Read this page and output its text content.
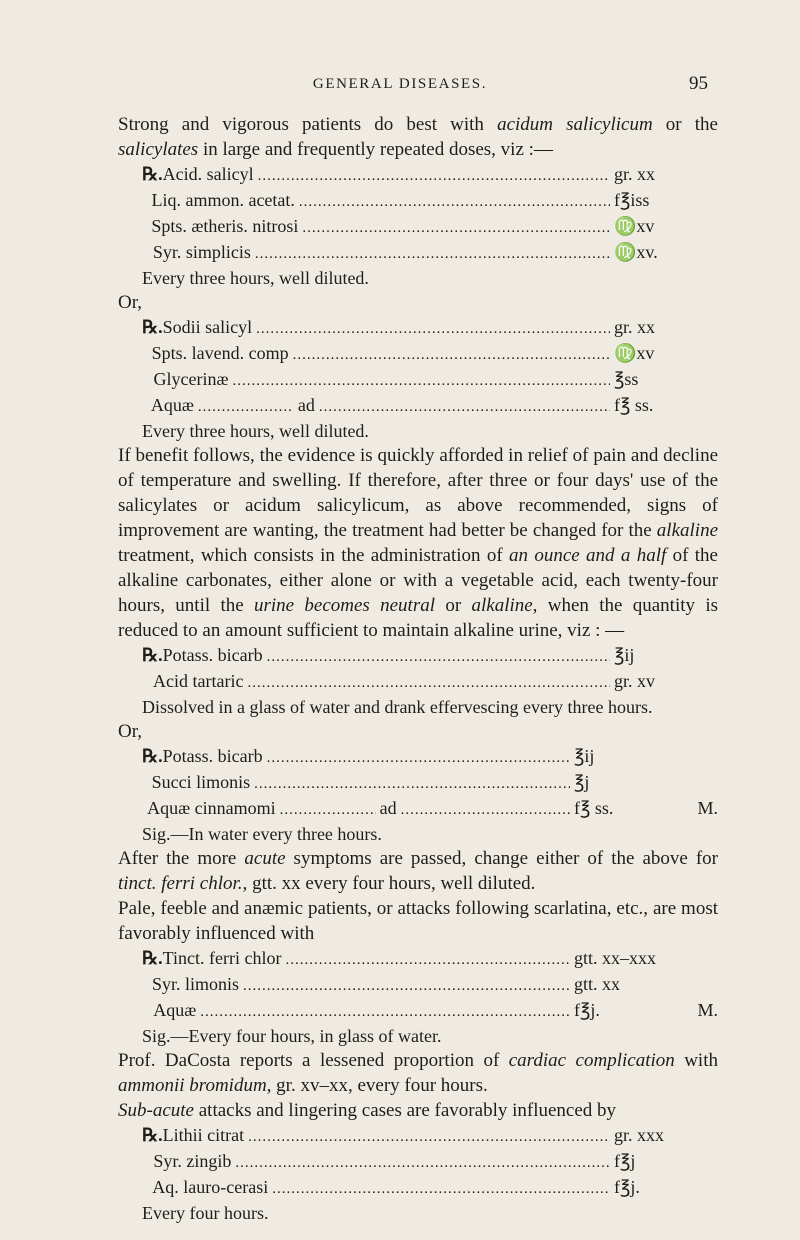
GENERAL DISEASES.	95

Strong and vigorous patients do best with acidum salicylicum or the salicylates in large and frequently repeated doses, viz :—

℞. Acid. salicyl .....	gr. xx
Liq. ammon. acetat. .....	f℥iss
Spts. ætheris. nitrosi .....	♍xv
Syr. simplicis .....	♍xv.

Every three hours, well diluted.

Or,

℞. Sodii salicyl .....	gr. xx
Spts. lavend. comp .....	♍xv
Glycerinæ .....	℥ss
Aquæ .....	ad .....	f℥ ss.

Every three hours, well diluted.

If benefit follows, the evidence is quickly afforded in relief of pain and decline of temperature and swelling. If therefore, after three or four days' use of the salicylates or acidum salicylicum, as above recommended, signs of improvement are wanting, the treatment had better be changed for the alkaline treatment, which consists in the administration of an ounce and a half of the alkaline carbonates, either alone or with a vegetable acid, each twenty-four hours, until the urine becomes neutral or alkaline, when the quantity is reduced to an amount sufficient to maintain alkaline urine, viz : —

℞. Potass. bicarb .....	℥ij
Acid tartaric .....	gr. xv

Dissolved in a glass of water and drank effervescing every three hours.

Or,

℞. Potass. bicarb .....	℥ij
Succi limonis .....	℥j
Aquæ cinnamomi .....	ad .....	f℥ ss.	M.

Sig.—In water every three hours.

After the more acute symptoms are passed, change either of the above for tinct. ferri chlor., gtt. xx every four hours, well diluted.

Pale, feeble and anæmic patients, or attacks following scarlatina, etc., are most favorably influenced with

℞. Tinct. ferri chlor .....	gtt. xx–xxx
Syr. limonis .....	gtt. xx
Aquæ .....	f℥j.	M.

Sig.—Every four hours, in glass of water.

Prof. DaCosta reports a lessened proportion of cardiac complication with ammonii bromidum, gr. xv–xx, every four hours.

Sub-acute attacks and lingering cases are favorably influenced by

℞. Lithii citrat .....	gr. xxx
Syr. zingib .....	f℥j
Aq. lauro-cerasi .....	f℥j.

Every four hours.
